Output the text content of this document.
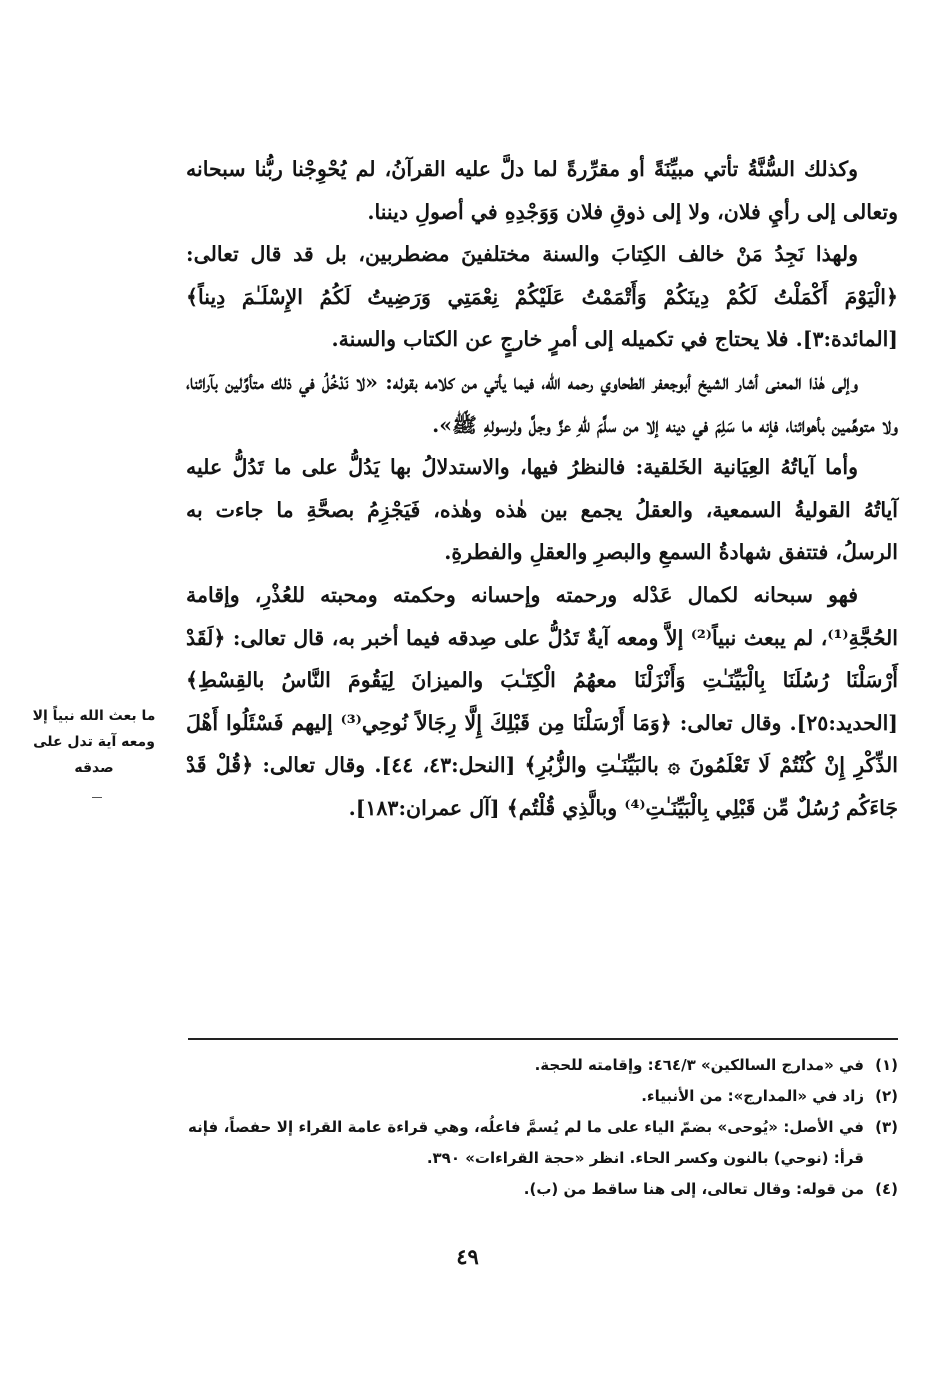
وكذلك السُّنَّةُ تأتي مبيِّنَةً أو مقرِّرةً لما دلَّ عليه القرآنُ، لم يُحْوِجْنا ربُّنا سبحانه وتعالى إلى رأيِ فلان، ولا إلى ذوقِ فلان وَوَجْدِهِ في أصولِ ديننا.

ولهذا نَجِدُ مَنْ خالف الكِتابَ والسنة مختلفينَ مضطربين، بل قد قال تعالى: ﴿الْيَوْمَ أَكْمَلْتُ لَكُمْ دِينَكُمْ وَأَتْمَمْتُ عَلَيْكُمْ نِعْمَتِي وَرَضِيتُ لَكُمُ الإِسْلَـٰمَ دِيناً﴾ [المائدة:٣]. فلا يحتاج في تكميله إلى أمرٍ خارجٍ عن الكتاب والسنة.

وإلى هٰذا المعنى أشار الشيخ أبوجعفر الطحاوي رحمه الله، فيما يأتي من كلامه بقوله: «لا نَدْخُلُ في ذلك متأوِّلين بآرائنا، ولا متوهِّمين بأهوائنا، فإنه ما سَلِمَ في دينه إلا من سلَّمَ للّٰهِ عزَّ وجلَّ ولرسولهِ ﷺ».

وأما آياتُهُ العِيَانية الخَلقية: فالنظرُ فيها، والاستدلالُ بها يَدُلُّ على ما تَدُلُّ عليه آياتُهُ القوليةُ السمعية، والعقلُ يجمع بين هٰذه وهٰذه، فَيَجْزِمُ بصحَّةِ ما جاءت به الرسلُ، فتتفق شهادةُ السمعِ والبصرِ والعقلِ والفطرةِ.

فهو سبحانه لكمال عَدْله ورحمته وإحسانه وحكمته ومحبته للعُذْرِ، وإقامة الحُجَّةِ⁽¹⁾، لم يبعث نبياً⁽²⁾ إلاَّ ومعه آيةٌ تَدُلُّ على صِدقه فيما أخبر به، قال تعالى: ﴿لَقَدْ أَرْسَلْنَا رُسُلَنَا بِالْبَيِّنَـٰتِ وَأَنْزَلْنَا معهُمُ الْكِتَـٰبَ والميزانَ لِيَقُومَ النَّاسُ بالقِسْطِ﴾ [الحديد:٢٥]. وقال تعالى: ﴿وَمَا أَرْسَلْنَا مِن قَبْلِكَ إِلَّا رِجَالاً نُوحِي⁽³⁾ إليهم فَسْئَلُوا أَهْلَ الذِّكْرِ إِنْ كُنْتُمْ لَا تَعْلَمُونَ ۞ بالبَيِّنَـٰتِ والزُّبُرِ﴾ [النحل:٤٣، ٤٤]. وقال تعالى: ﴿قُلْ قَدْ جَاءَكُم رُسُلٌ مِّن قَبْلِي بِالْبَيِّنَـٰتِ⁽⁴⁾ وبالَّذِي قُلْتُم﴾ [آل عمران:١٨٣].

ما بعث الله نبياً إلا ومعه آية تدل على صدقه

(١)
في «مدارج السالكين» ٤٦٤/٣: وإقامته للحجة.

(٢)
زاد في «المدارج»: من الأنبياء.

(٣)
في الأصل: «يُوحى» بضمّ الياء على ما لم يُسمَّ فاعلُه، وهي قراءة عامة القراء إلا حفصاً، فإنه قرأ: (نوحي) بالنون وكسر الحاء. انظر «حجة القراءات» ٣٩٠.

(٤)
من قوله: وقال تعالى، إلى هنا ساقط من (ب).

٤٩
